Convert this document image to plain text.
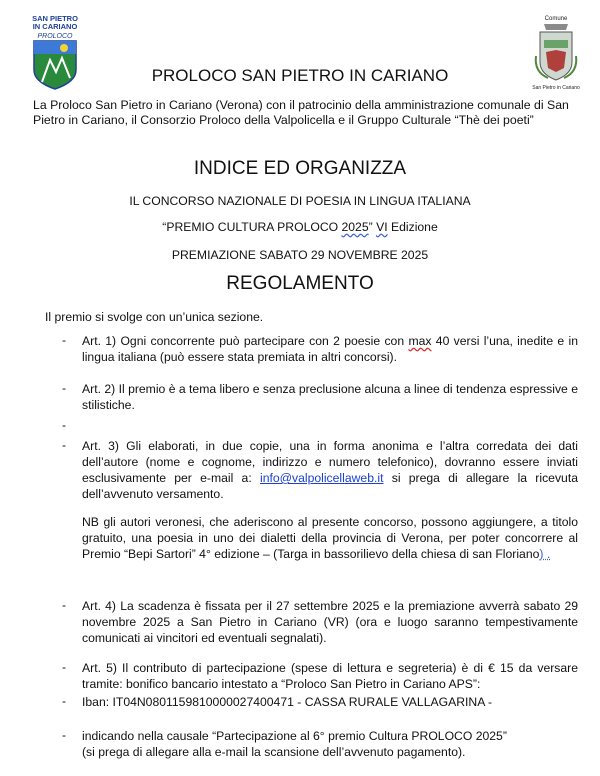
SAN PIETRO
IN CARIANO
PROLOCO
Comune
San Pietro in Cariano
PROLOCO SAN PIETRO IN CARIANO
La Proloco San Pietro in Cariano (Verona) con il patrocinio della amministrazione comunale di San Pietro in Cariano, il Consorzio Proloco della Valpolicella e il Gruppo Culturale “Thè dei poeti”
INDICE ED ORGANIZZA
IL CONCORSO NAZIONALE DI POESIA IN LINGUA ITALIANA
“PREMIO CULTURA PROLOCO 2025” VI Edizione
PREMIAZIONE SABATO 29 NOVEMBRE 2025
REGOLAMENTO
Il premio si svolge con un’unica sezione.
- Art. 1) Ogni concorrente può partecipare con 2 poesie con max 40 versi l’una, inedite e in lingua italiana (può essere stata premiata in altri concorsi).
- Art. 2) Il premio è a tema libero e senza preclusione alcuna a linee di tendenza espressive e stilistiche.
-
- Art. 3) Gli elaborati, in due copie, una in forma anonima e l’altra corredata dei dati dell’autore (nome e cognome, indirizzo e numero telefonico), dovranno essere inviati esclusivamente per e-mail a: info@valpolicellaweb.it si prega di allegare la ricevuta dell’avvenuto versamento.
NB gli autori veronesi, che aderiscono al presente concorso, possono aggiungere, a titolo gratuito, una poesia in uno dei dialetti della provincia di Verona, per poter concorrere al Premio “Bepi Sartori” 4° edizione – (Targa in bassorilievo della chiesa di san Floriano) .
- Art. 4) La scadenza è fissata per il 27 settembre 2025 e la premiazione avverrà sabato 29 novembre 2025 a San Pietro in Cariano (VR) (ora e luogo saranno tempestivamente comunicati ai vincitori ed eventuali segnalati).
- Art. 5) Il contributo di partecipazione (spese di lettura e segreteria) è di € 15 da versare tramite: bonifico bancario intestato a “Proloco San Pietro in Cariano APS”:
- Iban: IT04N0801159810000027400471 - CASSA RURALE VALLAGARINA -
- indicando nella causale “Partecipazione al 6° premio Cultura PROLOCO 2025”
(si prega di allegare alla e-mail la scansione dell’avvenuto pagamento).
